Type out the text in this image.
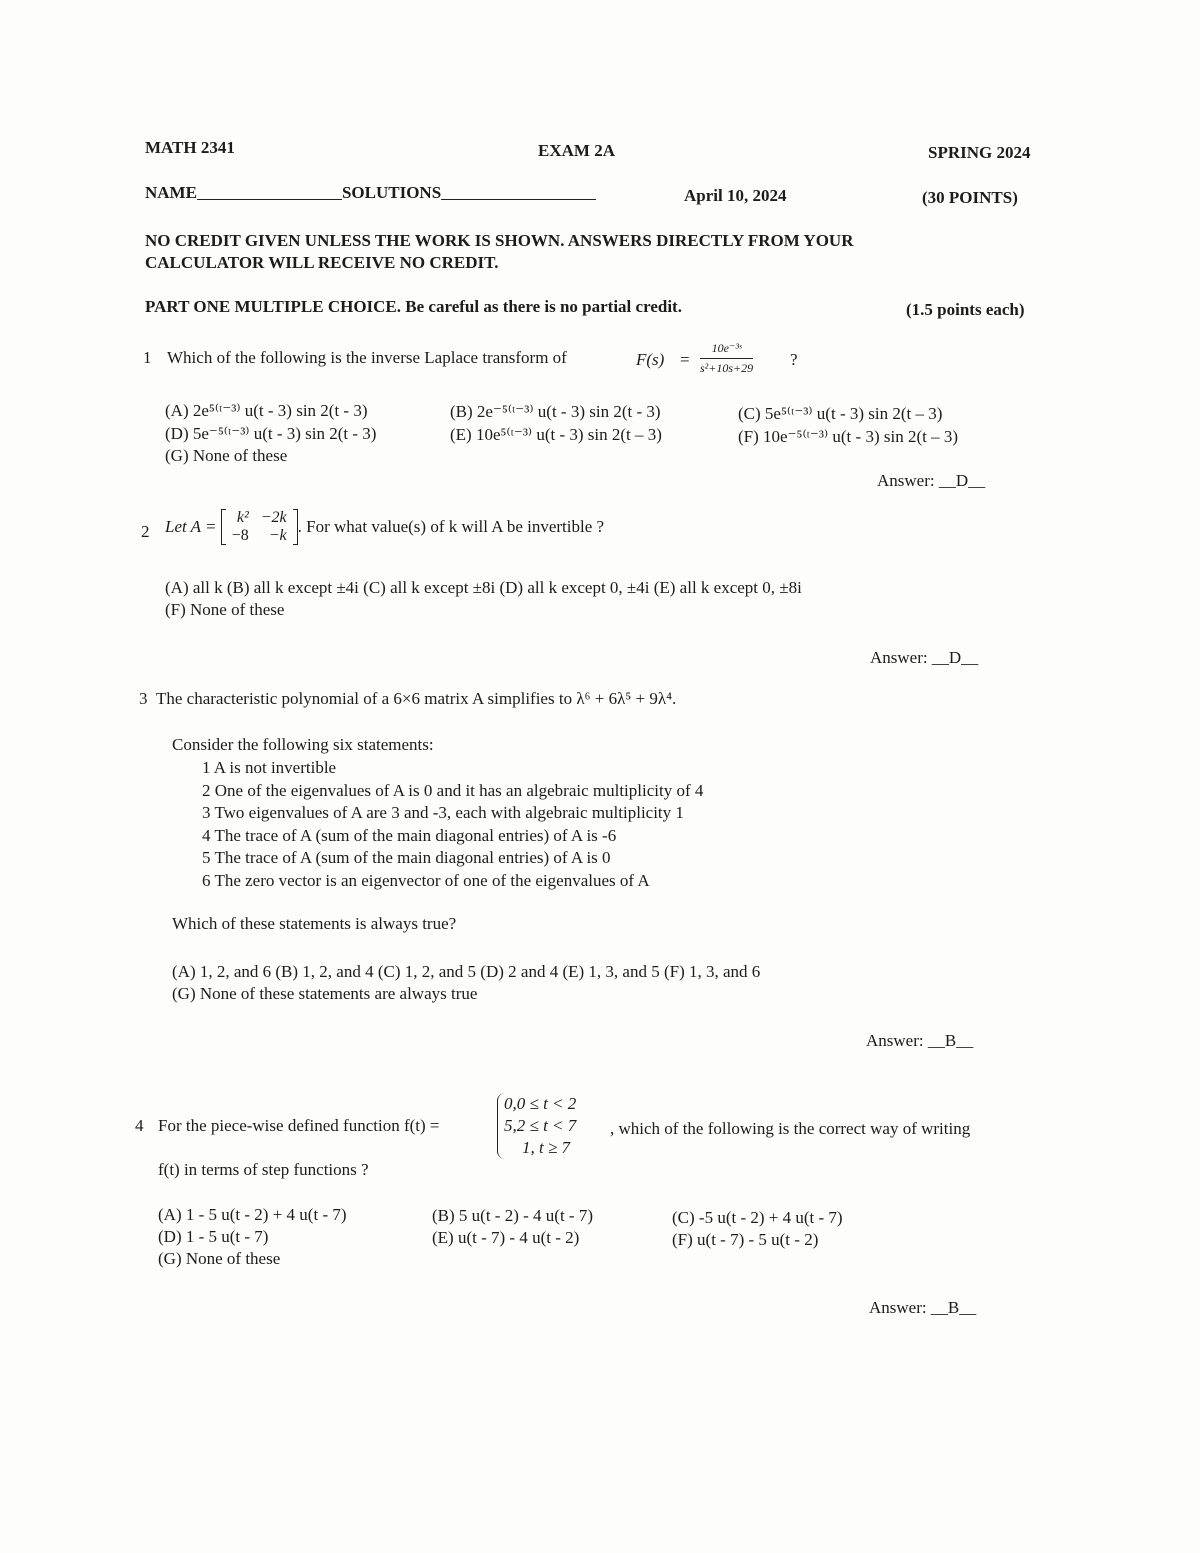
MATH 2341	EXAM 2A	SPRING 2024
NAME	SOLUTIONS	April 10, 2024	(30 POINTS)
NO CREDIT GIVEN UNLESS THE WORK IS SHOWN. ANSWERS DIRECTLY FROM YOUR
CALCULATOR WILL RECEIVE NO CREDIT.
PART ONE MULTIPLE CHOICE. Be careful as there is no partial credit.	(1.5 points each)
1 Which of the following is the inverse Laplace transform of	$F(s) = \frac{\text{10e⁻³ˢ}}{\text{s²+10s+29}}$ ?
(A) 2e⁵⁽ᵗ⁻³⁾ u(t - 3) sin 2(t - 3)	(B) 2e⁻⁵⁽ᵗ⁻³⁾ u(t - 3) sin 2(t - 3)	(C) 5e⁵⁽ᵗ⁻³⁾ u(t - 3) sin 2(t – 3)
(D) 5e⁻⁵⁽ᵗ⁻³⁾ u(t - 3) sin 2(t - 3)	(E) 10e⁵⁽ᵗ⁻³⁾ u(t - 3) sin 2(t – 3)	(F) 10e⁻⁵⁽ᵗ⁻³⁾ u(t - 3) sin 2(t – 3)
(G) None of these
Answer: __D__
2 Let A = k²	−2k
−8	−k . For what value(s) of k will A be invertible ?
(A) all k (B) all k except ±4i (C) all k except ±8i (D) all k except 0, ±4i (E) all k except 0, ±8i
(F) None of these
Answer: __D__
3 The characteristic polynomial of a 6×6 matrix A simplifies to λ⁶ + 6λ⁵ + 9λ⁴.
Consider the following six statements:
1 A is not invertible
2 One of the eigenvalues of A is 0 and it has an algebraic multiplicity of 4
3 Two eigenvalues of A are 3 and -3, each with algebraic multiplicity 1
4 The trace of A (sum of the main diagonal entries) of A is -6
5 The trace of A (sum of the main diagonal entries) of A is 0
6 The zero vector is an eigenvector of one of the eigenvalues of A
Which of these statements is always true?
(A) 1, 2, and 6 (B) 1, 2, and 4 (C) 1, 2, and 5 (D) 2 and 4 (E) 1, 3, and 5 (F) 1, 3, and 6
(G) None of these statements are always true
Answer: __B__
4 For the piece-wise defined function f(t) =
0,0 ≤ t < 2
5,2 ≤ t < 7
1, t ≥ 7
, which of the following is the correct way of writing
f(t) in terms of step functions ?
(A) 1 - 5 u(t - 2) + 4 u(t - 7)	(B) 5 u(t - 2) - 4 u(t - 7)	(C) -5 u(t - 2) + 4 u(t - 7)
(D) 1 - 5 u(t - 7)	(E) u(t - 7) - 4 u(t - 2)	(F) u(t - 7) - 5 u(t - 2)
(G) None of these
Answer: __B__
